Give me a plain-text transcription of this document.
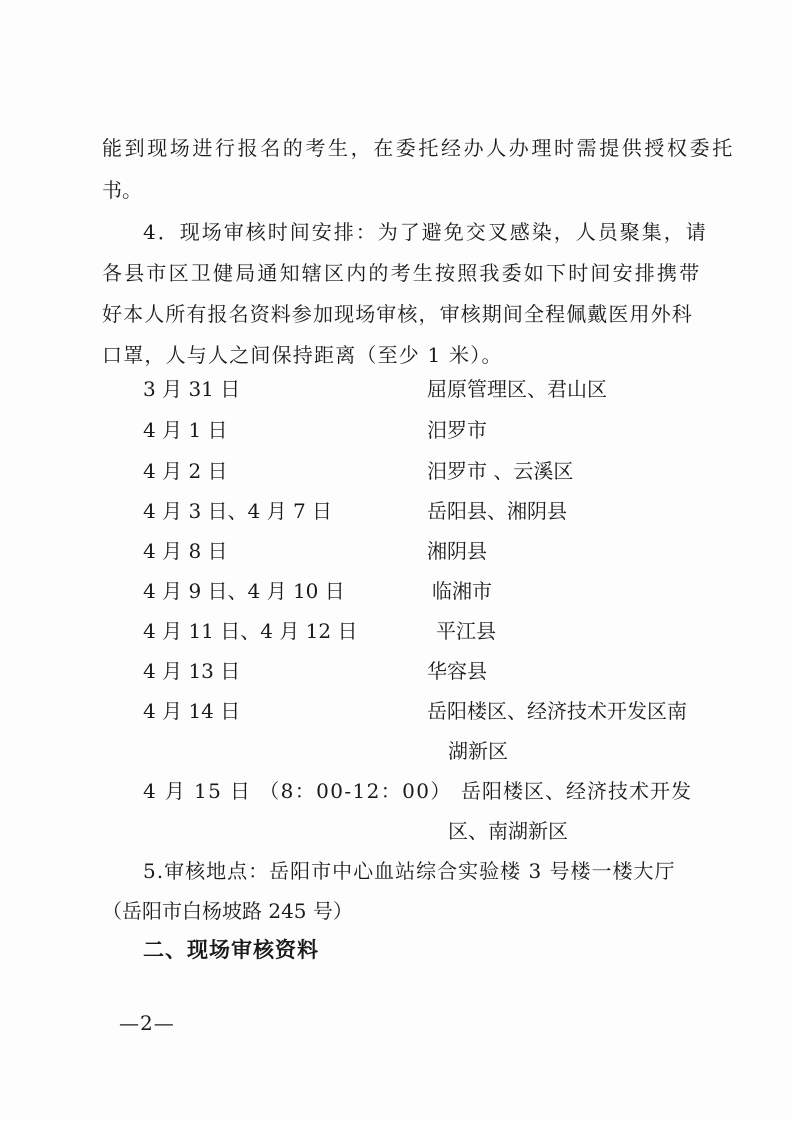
能到现场进行报名的考生，在委托经办人办理时需提供授权委托
书。
4．现场审核时间安排：为了避免交叉感染，人员聚集，请
各县市区卫健局通知辖区内的考生按照我委如下时间安排携带
好本人所有报名资料参加现场审核，审核期间全程佩戴医用外科
口罩，人与人之间保持距离（至少 1 米）。
3 月 31 日	屈原管理区、君山区
4 月 1 日	汨罗市
4 月 2 日	汨罗市 、云溪区
4 月 3 日、4 月 7 日	岳阳县、湘阴县
4 月 8 日	湘阴县
4 月 9 日、4 月 10 日	临湘市
4 月 11 日、4 月 12 日	平江县
4 月 13 日	华容县
4 月 14 日	岳阳楼区、经济技术开发区南
湖新区
4 月 15 日 （8：00-12：00） 岳阳楼区、经济技术开发
区、南湖新区
5.审核地点：岳阳市中心血站综合实验楼 3 号楼一楼大厅
（岳阳市白杨坡路 245 号）
二、现场审核资料
—2—
